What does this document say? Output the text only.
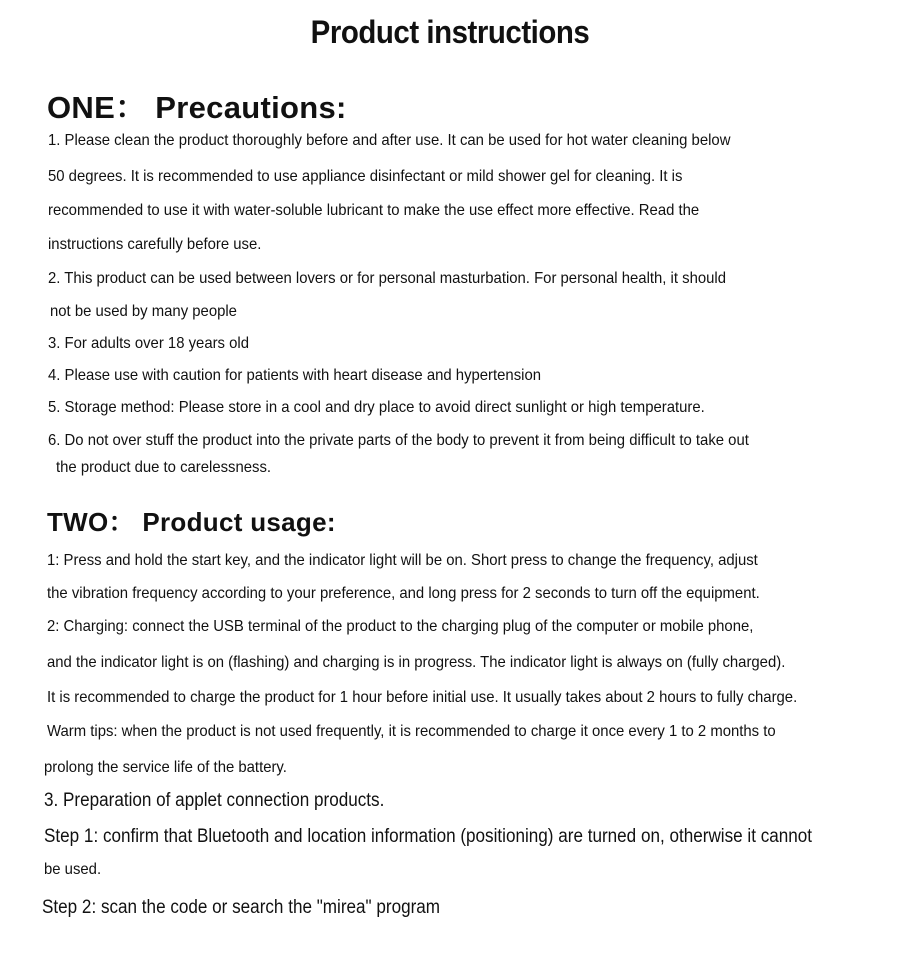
Product instructions
ONE： Precautions:
1. Please clean the product thoroughly before and after use. It can be used for hot water cleaning below
50 degrees. It is recommended to use appliance disinfectant or mild shower gel for cleaning. It is
recommended to use it with water-soluble lubricant to make the use effect more effective. Read the
instructions carefully before use.
2. This product can be used between lovers or for personal masturbation. For personal health, it should
not be used by many people
3. For adults over 18 years old
4. Please use with caution for patients with heart disease and hypertension
5. Storage method: Please store in a cool and dry place to avoid direct sunlight or high temperature.
6. Do not over stuff the product into the private parts of the body to prevent it from being difficult to take out
the product due to carelessness.
TWO： Product usage:
1: Press and hold the start key, and the indicator light will be on. Short press to change the frequency, adjust
the vibration frequency according to your preference, and long press for 2 seconds to turn off the equipment.
2: Charging: connect the USB terminal of the product to the charging plug of the computer or mobile phone,
and the indicator light is on (flashing) and charging is in progress. The indicator light is always on (fully charged).
It is recommended to charge the product for 1 hour before initial use. It usually takes about 2 hours to fully charge.
Warm tips: when the product is not used frequently, it is recommended to charge it once every 1 to 2 months to
prolong the service life of the battery.
3. Preparation of applet connection products.
Step 1: confirm that Bluetooth and location information (positioning) are turned on, otherwise it cannot
be used.
Step 2: scan the code or search the "mirea" program
